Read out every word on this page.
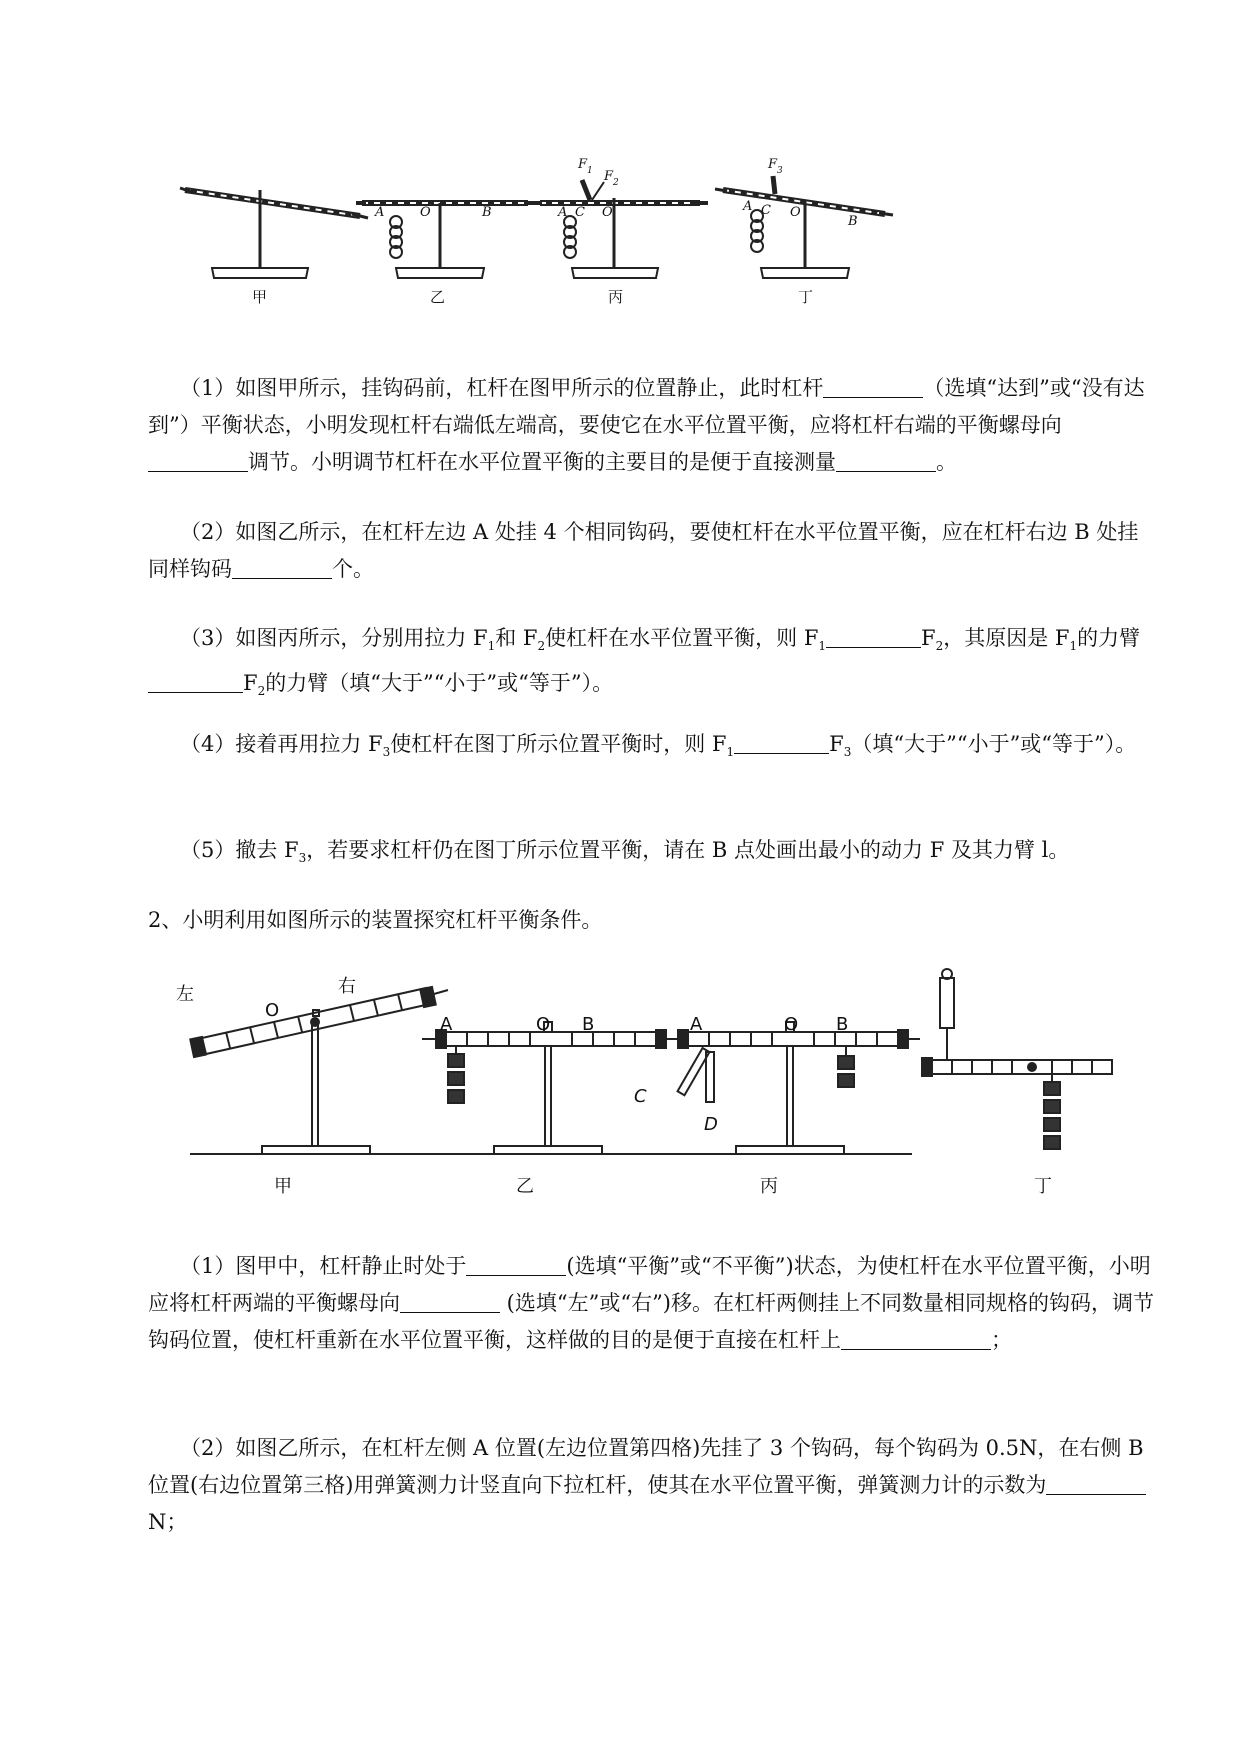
A	O	B	A C O
F 1 F 2
F 3
A C O
B
甲	乙	丙	丁
（1）如图甲所示，挂钩码前，杠杆在图甲所示的位置静止，此时杠杆	（选填“达到”或“没有达到”）平衡状态，小明发现杠杆右端低左端高，要使它在水平位置平衡，应将杠杆右端的平衡螺母向调节。小明调节杠杆在水平位置平衡的主要目的是便于直接测量	。
（2）如图乙所示，在杠杆左边 A 处挂 4 个相同钩码，要使杠杆在水平位置平衡，应在杠杆右边 B 处挂同样钩码	个。
（3）如图丙所示，分别用拉力 $F_1$和 $F_2$使杠杆在水平位置平衡，则 $F_1$	$F_2$，其原因是 $F_1$的力臂$F_2$的力臂（填“大于”“小于”或“等于”）。
（4）接着再用拉力 $F_3$使杠杆在图丁所示位置平衡时，则 $F_1$	$F_3$（填“大于”“小于”或“等于”）。
（5）撤去 $F_3$，若要求杠杆仍在图丁所示位置平衡，请在 B 点处画出最小的动力 F 及其力臂 l。
2、小明利用如图所示的装置探究杠杆平衡条件。
左	右
O
A	O B	A	O B
C
D
甲	乙	丙	丁
（1）图甲中，杠杆静止时处于	(选填“平衡”或“不平衡”)状态，为使杠杆在水平位置平衡，小明应将杠杆两端的平衡螺母向	(选填“左”或“右”)移。在杠杆两侧挂上不同数量相同规格的钩码，调节钩码位置，使杠杆重新在水平位置平衡，这样做的目的是便于直接在杠杆上	；
（2）如图乙所示，在杠杆左侧 A 位置(左边位置第四格)先挂了 3 个钩码，每个钩码为 0.5N，在右侧 B 位置(右边位置第三格)用弹簧测力计竖直向下拉杠杆，使其在水平位置平衡，弹簧测力计的示数为N；
